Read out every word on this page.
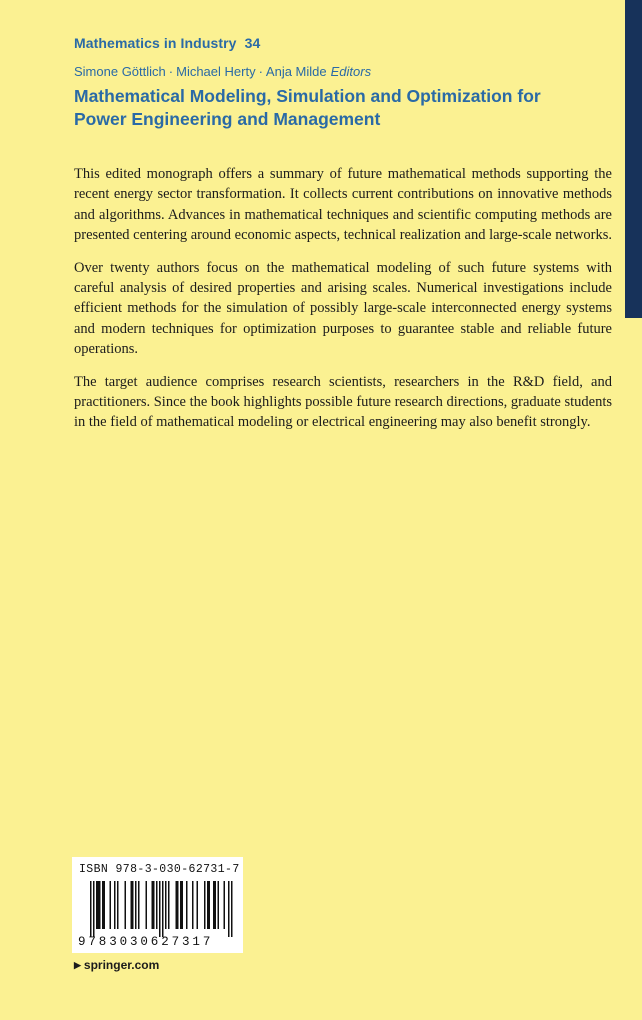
Mathematics in Industry 34
Simone Göttlich · Michael Herty · Anja Milde Editors
Mathematical Modeling, Simulation and Optimization for Power Engineering and Management

This edited monograph offers a summary of future mathematical methods supporting the recent energy sector transformation. It collects current contributions on innovative methods and algorithms. Advances in mathematical techniques and scientific computing methods are presented centering around economic aspects, technical realization and large-scale networks.

Over twenty authors focus on the mathematical modeling of such future systems with careful analysis of desired properties and arising scales. Numerical investigations include efficient methods for the simulation of possibly large-scale interconnected energy systems and modern techniques for optimization purposes to guarantee stable and reliable future operations.

The target audience comprises research scientists, researchers in the R&D field, and practitioners. Since the book highlights possible future research directions, graduate students in the field of mathematical modeling or electrical engineering may also benefit strongly.

ISBN 978-3-030-62731-7
9783030627317
▶ springer.com
